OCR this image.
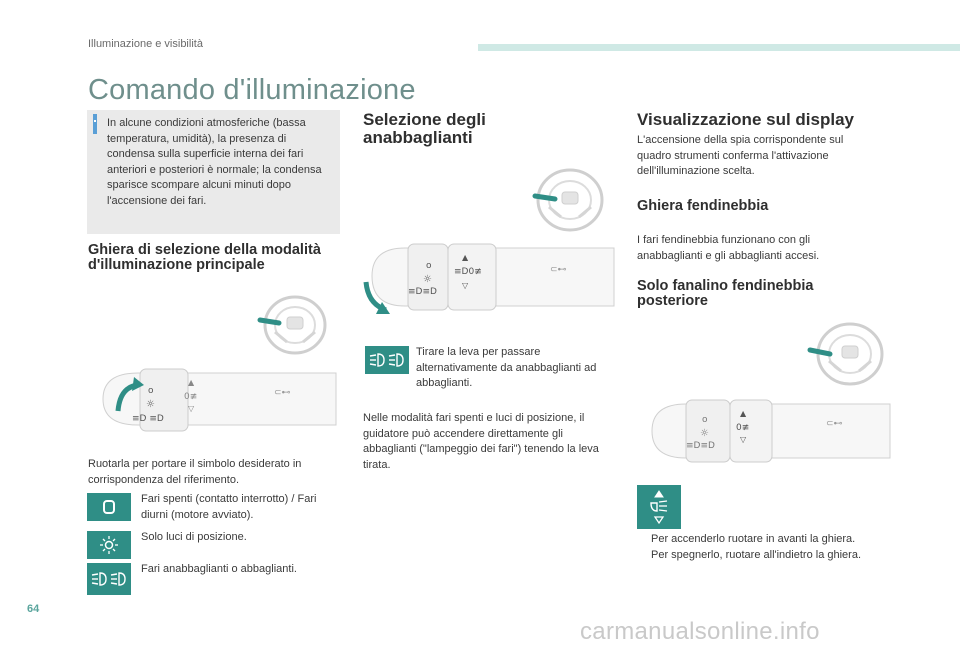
Illuminazione e visibilità
Comando d'illuminazione
In alcune condizioni atmosferiche (bassa temperatura, umidità), la presenza di condensa sulla superficie interna dei fari anteriori e posteriori è normale; la condensa sparisce scompare alcuni minuti dopo l'accensione dei fari.
Ghiera di selezione della modalità d'illuminazione principale
o
☼
≡D ≡D
▲
0≢
▽
⊂⊷
Ruotarla per portare il simbolo desiderato in corrispondenza del riferimento.
Fari spenti (contatto interrotto) / Fari diurni (motore avviato).
Solo luci di posizione.
Fari anabbaglianti o abbaglianti.
Selezione degli anabbaglianti
o
☼
≡D≡D
▲
≡D0≢
▽
⊂⊷
Tirare la leva per passare alternativamente da anabbaglianti ad abbaglianti.
Nelle modalità fari spenti e luci di posizione, il guidatore può accendere direttamente gli abbaglianti ("lampeggio dei fari") tenendo la leva tirata.
Visualizzazione sul display
L'accensione della spia corrispondente sul quadro strumenti conferma l'attivazione dell'illuminazione scelta.
Ghiera fendinebbia
I fari fendinebbia funzionano con gli anabbaglianti e gli abbaglianti accesi.
Solo fanalino fendinebbia posteriore
o
☼
≡D≡D
▲
0≢
▽
⊂⊷
Per accenderlo ruotare in avanti la ghiera.
Per spegnerlo, ruotare all'indietro la ghiera.
64
carmanualsonline.info
